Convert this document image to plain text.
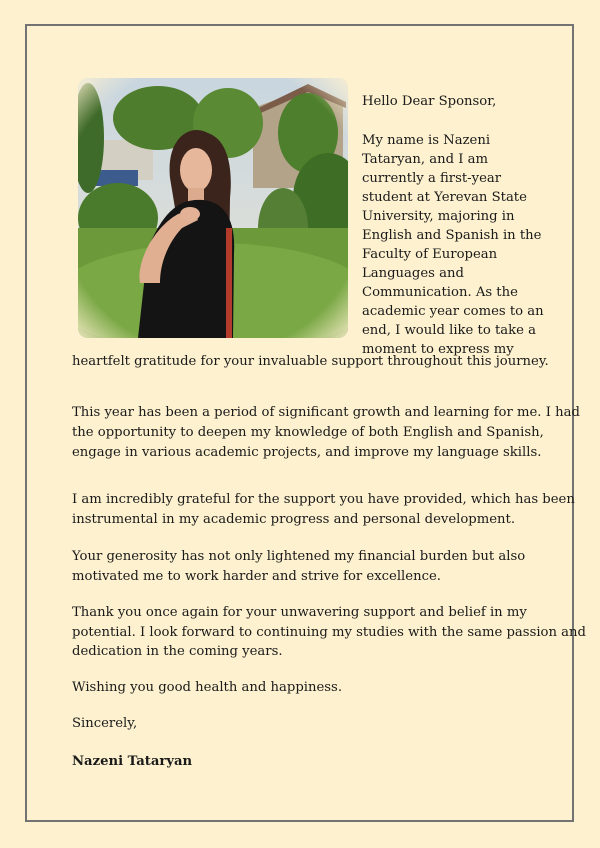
Hello Dear Sponsor,

My name is Nazeni

Tataryan, and I am

currently a first-year

student at Yerevan State

University, majoring in

English and Spanish in the

Faculty of European

Languages and

Communication. As the

academic year comes to an

end, I would like to take a

moment to express my

heartfelt gratitude for your invaluable support throughout this journey.

This year has been a period of significant growth and learning for me. I had

the opportunity to deepen my knowledge of both English and Spanish,

engage in various academic projects, and improve my language skills.

I am incredibly grateful for the support you have provided, which has been

instrumental in my academic progress and personal development.

Your generosity has not only lightened my financial burden but also

motivated me to work harder and strive for excellence.

Thank you once again for your unwavering support and belief in my

potential. I look forward to continuing my studies with the same passion and

dedication in the coming years.

Wishing you good health and happiness.

Sincerely,

Nazeni Tataryan
